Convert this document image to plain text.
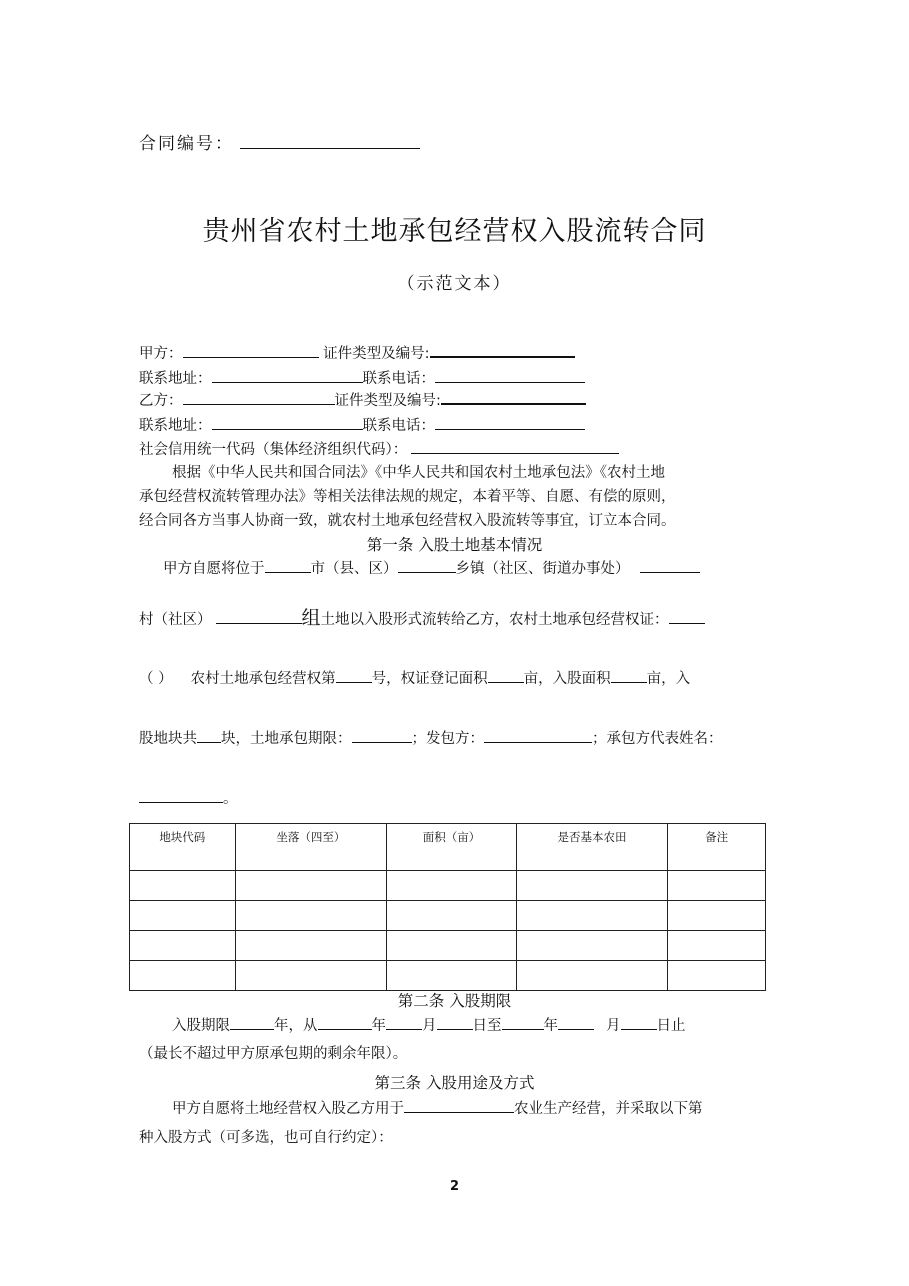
合同编号：
贵州省农村土地承包经营权入股流转合同
（示范文本）
甲方：	证件类型及编号:
联系地址：	联系电话：
乙方：	证件类型及编号:
联系地址：	联系电话：
社会信用统一代码（集体经济组织代码）：
根据《中华人民共和国合同法》《中华人民共和国农村土地承包法》《农村土地
承包经营权流转管理办法》等相关法律法规的规定，本着平等、自愿、有偿的原则，
经合同各方当事人协商一致，就农村土地承包经营权入股流转等事宜，订立本合同。
第一条 入股土地基本情况
甲方自愿将位于	市（县、区）	乡镇（社区、街道办事处）
村（社区）	组土地以入股形式流转给乙方，农村土地承包经营权证：
（ ） 农村土地承包经营权第 号，权证登记面积 亩，入股面积 亩，入
股地块共 块，土地承包期限：	；发包方：	；承包方代表姓名：
。
地块代码	坐落（四至）	面积（亩）	是否基本农田	备注

第二条 入股期限
入股期限	年，从	年 月 日至	年	月 日止
（最长不超过甲方原承包期的剩余年限）。
第三条 入股用途及方式
甲方自愿将土地经营权入股乙方用于	农业生产经营，并采取以下第
种入股方式（可多选，也可自行约定）：
2
